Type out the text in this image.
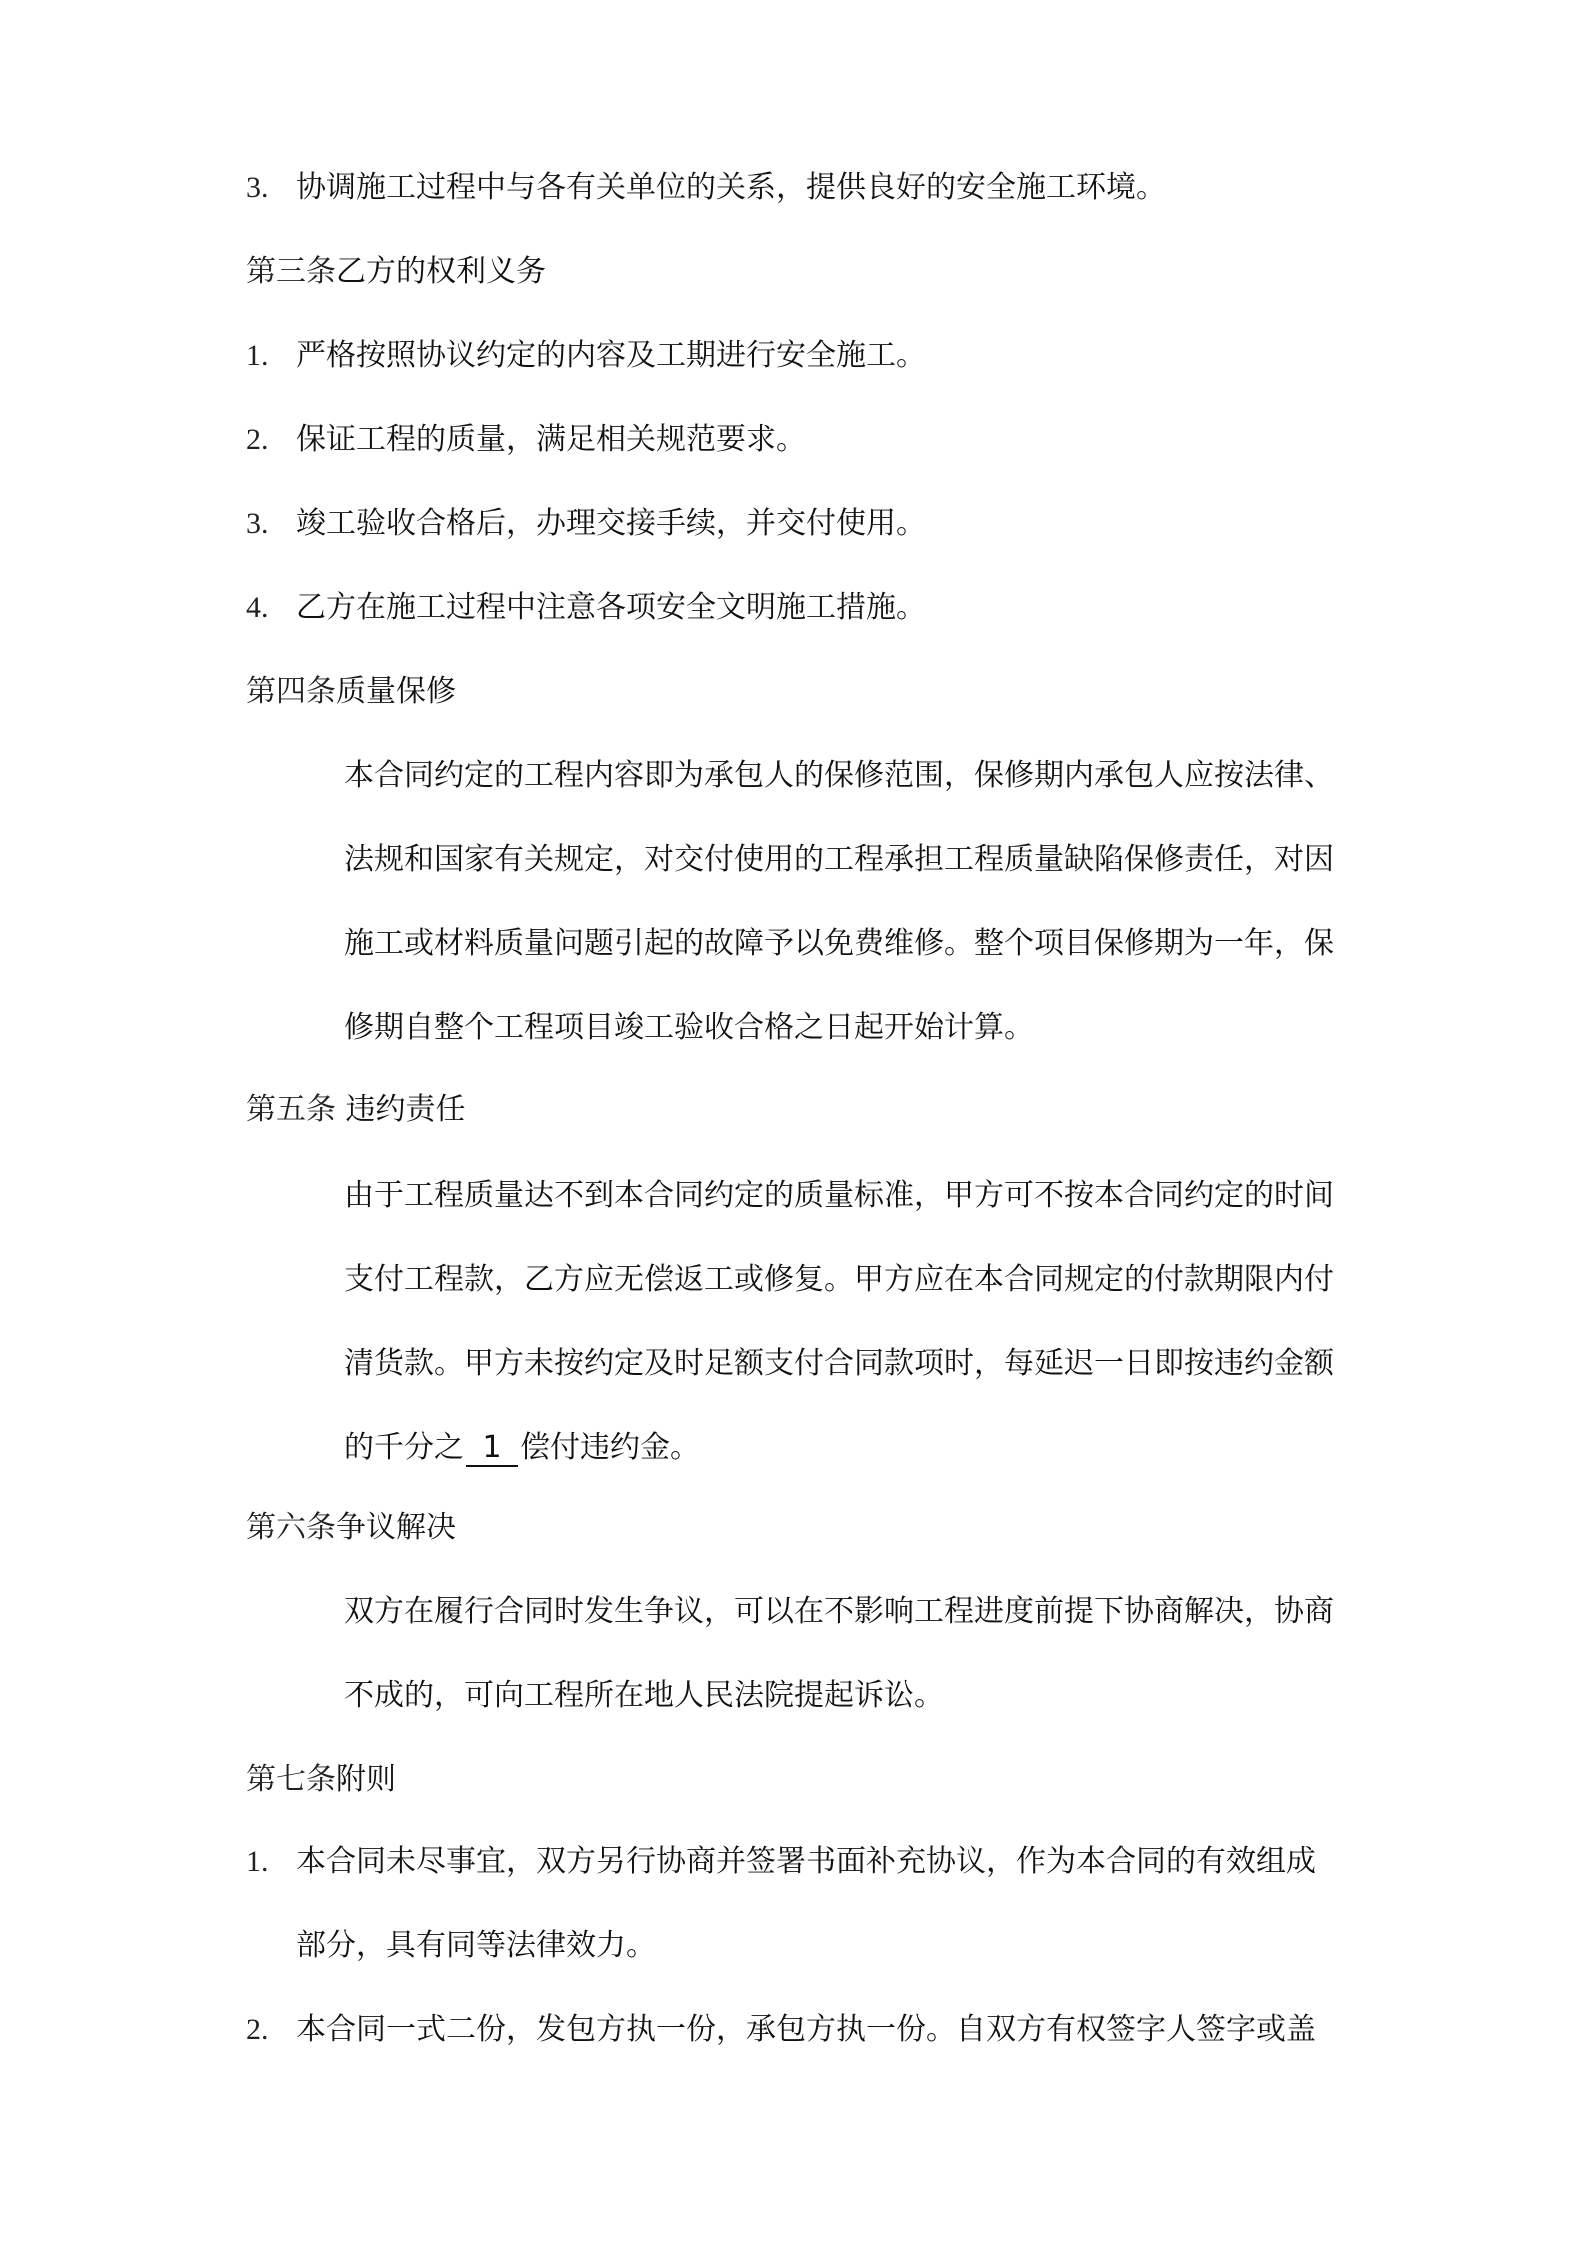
3. 协调施工过程中与各有关单位的关系，提供良好的安全施工环境。
第三条乙方的权利义务
1. 严格按照协议约定的内容及工期进行安全施工。
2. 保证工程的质量，满足相关规范要求。
3. 竣工验收合格后，办理交接手续，并交付使用。
4. 乙方在施工过程中注意各项安全文明施工措施。
第四条质量保修
本合同约定的工程内容即为承包人的保修范围，保修期内承包人应按法律、
法规和国家有关规定，对交付使用的工程承担工程质量缺陷保修责任，对因
施工或材料质量问题引起的故障予以免费维修。整个项目保修期为一年，保
修期自整个工程项目竣工验收合格之日起开始计算。
第五条 违约责任
由于工程质量达不到本合同约定的质量标准，甲方可不按本合同约定的时间
支付工程款，乙方应无偿返工或修复。甲方应在本合同规定的付款期限内付
清货款。甲方未按约定及时足额支付合同款项时，每延迟一日即按违约金额
的千分之 1 偿付违约金。
第六条争议解决
双方在履行合同时发生争议，可以在不影响工程进度前提下协商解决，协商
不成的，可向工程所在地人民法院提起诉讼。
第七条附则
1. 本合同未尽事宜，双方另行协商并签署书面补充协议，作为本合同的有效组成
部分，具有同等法律效力。
2. 本合同一式二份，发包方执一份，承包方执一份。自双方有权签字人签字或盖
